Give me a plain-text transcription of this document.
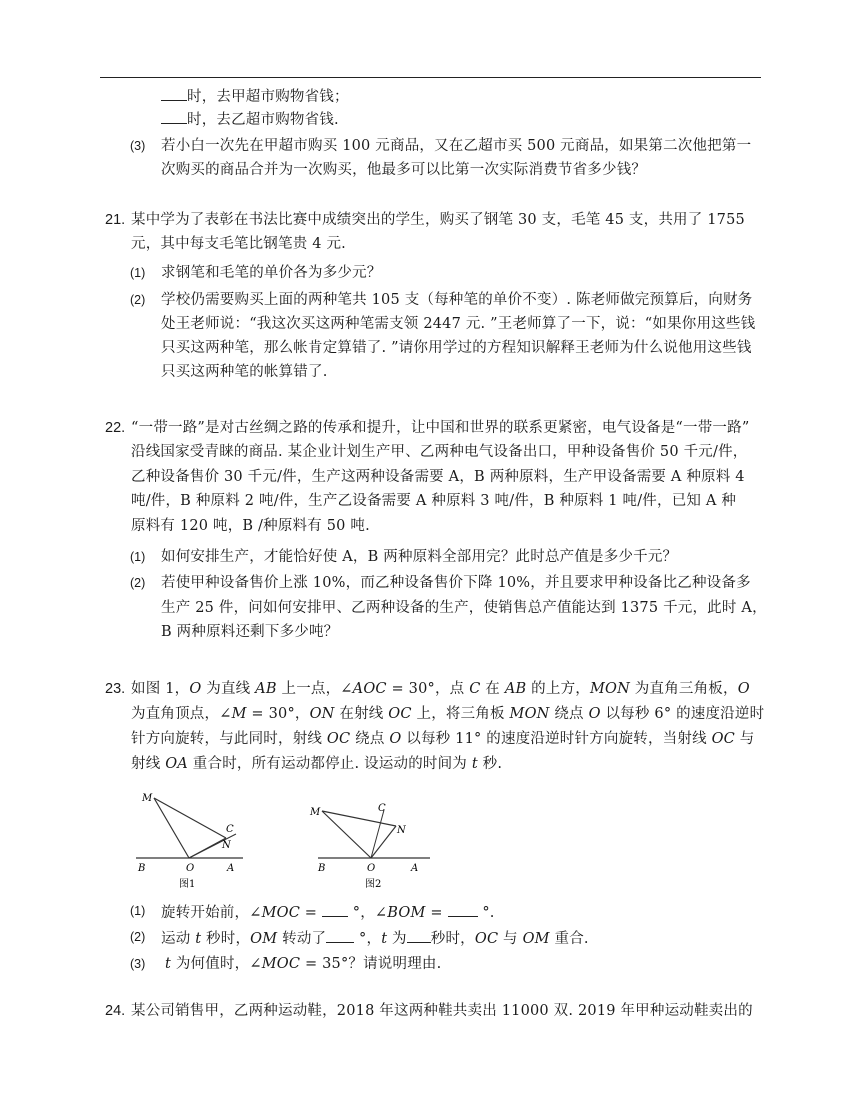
时，去甲超市购物省钱；
时，去乙超市购物省钱.
(3) 若小白一次先在甲超市购买 100 元商品，又在乙超市买 500 元商品，如果第二次他把第一
次购买的商品合并为一次购买，他最多可以比第一次实际消费节省多少钱？
21. 某中学为了表彰在书法比赛中成绩突出的学生，购买了钢笔 30 支，毛笔 45 支，共用了 1755
元，其中每支毛笔比钢笔贵 4 元.
(1) 求钢笔和毛笔的单价各为多少元？
(2) 学校仍需要购买上面的两种笔共 105 支（每种笔的单价不变）. 陈老师做完预算后，向财务
处王老师说：“我这次买这两种笔需支领 2447 元. ”王老师算了一下，说：“如果你用这些钱
只买这两种笔，那么帐肯定算错了. ”请你用学过的方程知识解释王老师为什么说他用这些钱
只买这两种笔的帐算错了.
22. “一带一路”是对古丝绸之路的传承和提升，让中国和世界的联系更紧密，电气设备是“一带一路”
沿线国家受青睐的商品. 某企业计划生产甲、乙两种电气设备出口，甲种设备售价 50 千元/件，
乙种设备售价 30 千元/件，生产这两种设备需要 A，B 两种原料，生产甲设备需要 A 种原料 4
吨/件，B 种原料 2 吨/件，生产乙设备需要 A 种原料 3 吨/件，B 种原料 1 吨/件，已知 A 种
原料有 120 吨，B /种原料有 50 吨.
(1) 如何安排生产，才能恰好使 A，B 两种原料全部用完？此时总产值是多少千元？
(2) 若使甲种设备售价上涨 10%，而乙种设备售价下降 10%，并且要求甲种设备比乙种设备多
生产 25 件，问如何安排甲、乙两种设备的生产，使销售总产值能达到 1375 千元，此时 A，
B 两种原料还剩下多少吨？
23. 如图 1，O 为直线 AB 上一点，∠AOC = 30°，点 C 在 AB 的上方，MON 为直角三角板，O
为直角顶点，∠M = 30°，ON 在射线 OC 上，将三角板 MON 绕点 O 以每秒 6° 的速度沿逆时
针方向旋转，与此同时，射线 OC 绕点 O 以每秒 11° 的速度沿逆时针方向旋转，当射线 OC 与
射线 OA 重合时，所有运动都停止. 设运动的时间为 t 秒.
M
C
N
B	O	A
图1
M	C
N
B	O	A
图2
(1) 旋转开始前，∠MOC =  °，∠BOM =  °.
(2) 运动 t 秒时，OM 转动了 °，t 为 秒时，OC 与 OM 重合.
(3) t 为何值时，∠MOC = 35°？请说明理由.
24. 某公司销售甲，乙两种运动鞋，2018 年这两种鞋共卖出 11000 双. 2019 年甲种运动鞋卖出的
